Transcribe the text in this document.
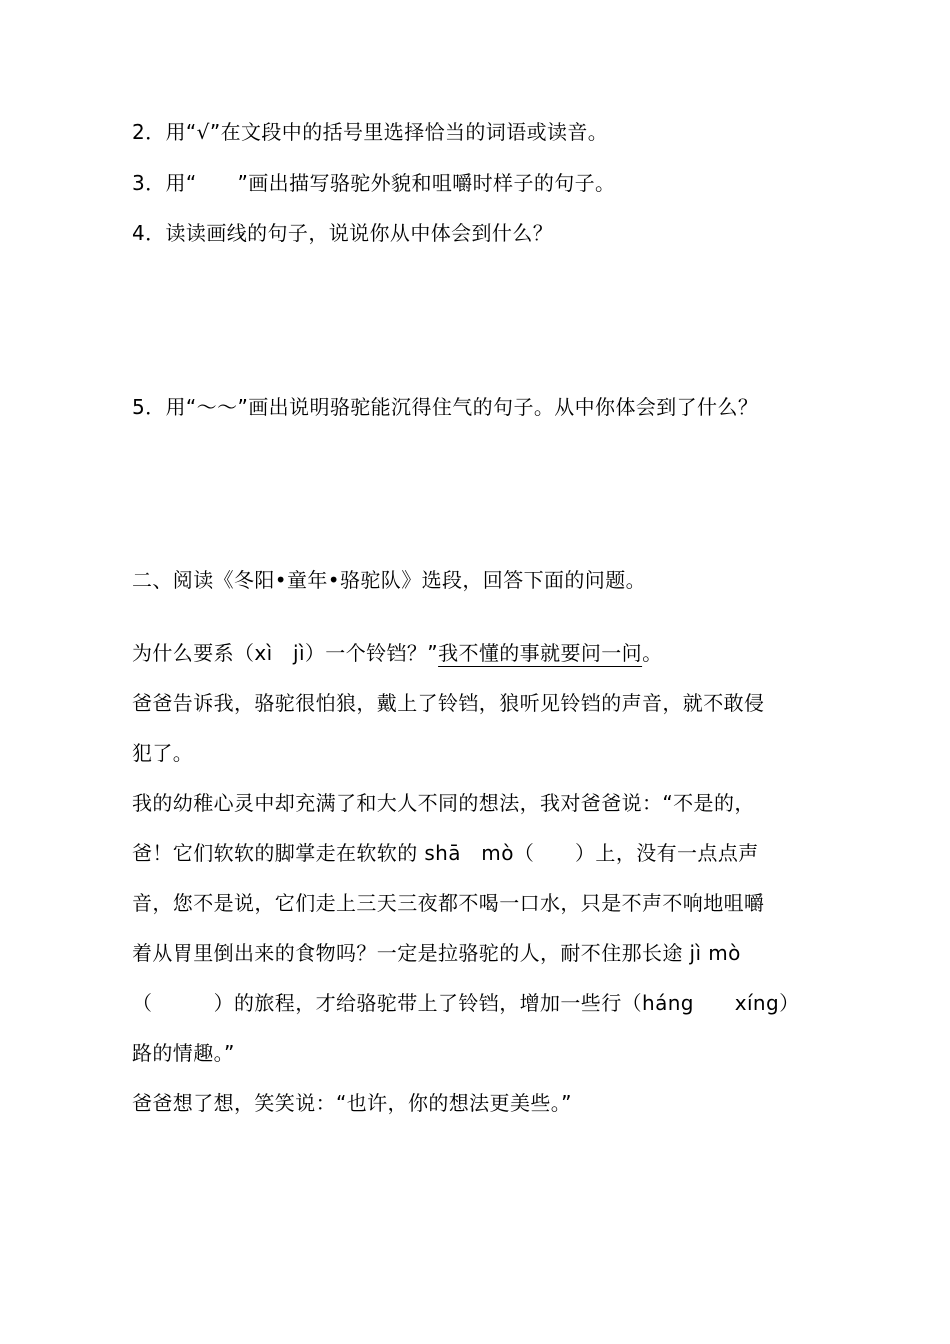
2．用“√”在文段中的括号里选择恰当的词语或读音。
3．用“　　”画出描写骆驼外貌和咀嚼时样子的句子。
4．读读画线的句子，说说你从中体会到什么？
5．用“～～”画出说明骆驼能沉得住气的句子。从中你体会到了什么？
二、阅读《冬阳•童年•骆驼队》选段，回答下面的问题。
为什么要系（xì　jì）一个铃铛？”我不懂的事就要问一问。
爸爸告诉我，骆驼很怕狼，戴上了铃铛，狼听见铃铛的声音，就不敢侵
犯了。
我的幼稚心灵中却充满了和大人不同的想法，我对爸爸说：“不是的，
爸！它们软软的脚掌走在软软的 shā　mò（　　）上，没有一点点声
音，您不是说，它们走上三天三夜都不喝一口水，只是不声不响地咀嚼
着从胃里倒出来的食物吗？一定是拉骆驼的人，耐不住那长途 jì mò
（　　　）的旅程，才给骆驼带上了铃铛，增加一些行（háng　　xíng）
路的情趣。”
爸爸想了想，笑笑说：“也许，你的想法更美些。”
